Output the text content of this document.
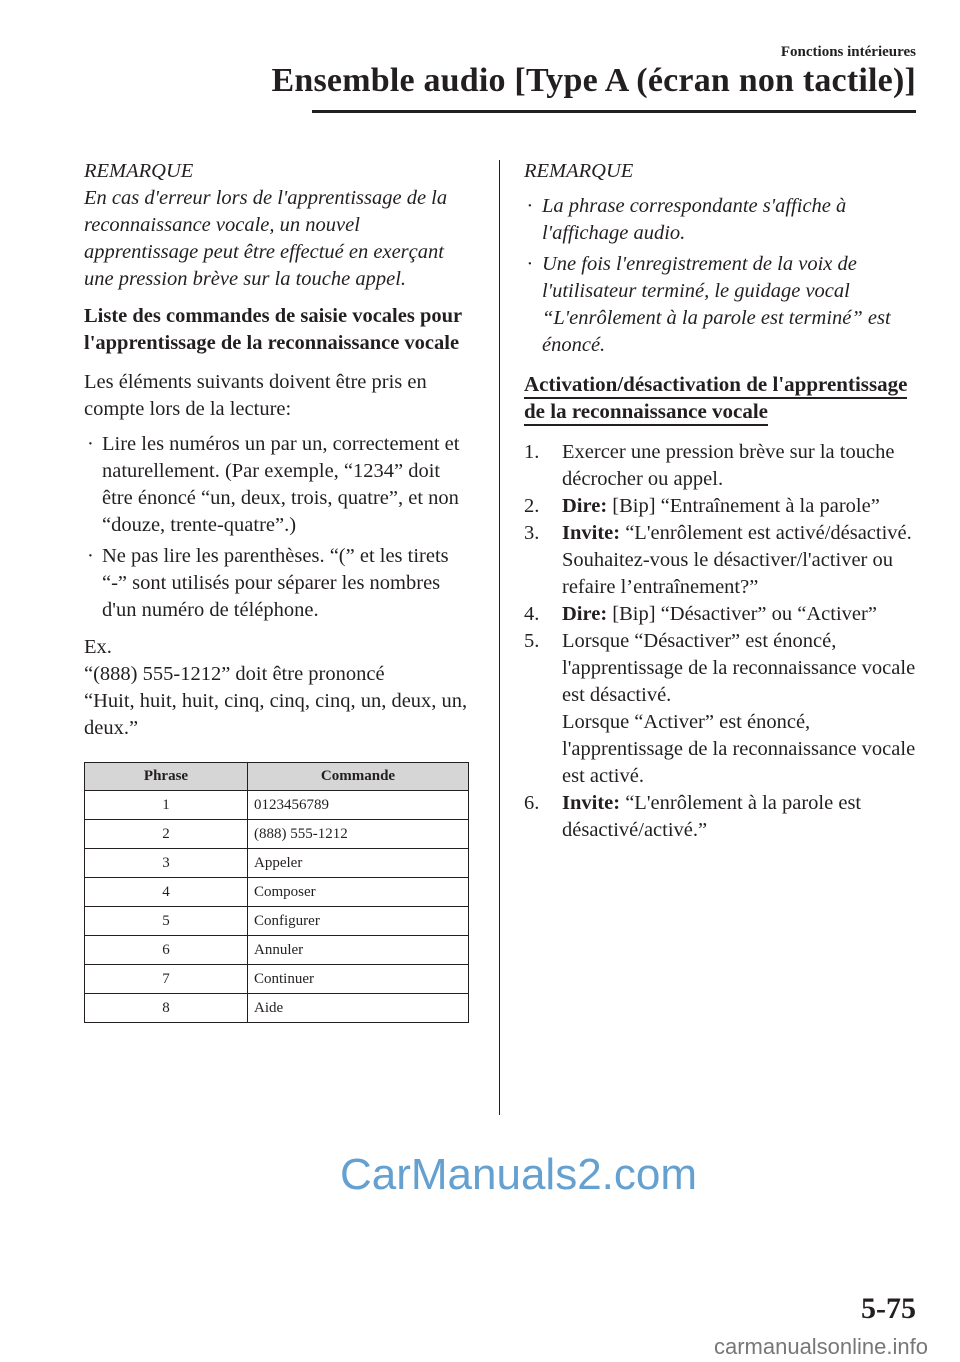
Fonctions intérieures
Ensemble audio [Type A (écran non tactile)]

REMARQUE

En cas d'erreur lors de l'apprentissage de la reconnaissance vocale, un nouvel apprentissage peut être effectué en exerçant une pression brève sur la touche appel.

Liste des commandes de saisie vocales pour l'apprentissage de la reconnaissance vocale

Les éléments suivants doivent être pris en compte lors de la lecture:

· Lire les numéros un par un, correctement et naturellement. (Par exemple, “1234” doit être énoncé “un, deux, trois, quatre”, et non “douze, trente-quatre”.)
· Ne pas lire les parenthèses. “(” et les tirets “-” sont utilisés pour séparer les nombres d'un numéro de téléphone.

Ex.

“(888) 555-1212” doit être prononcé

“Huit, huit, huit, cinq, cinq, cinq, un, deux, un, deux.”

Phrase	Commande
1	0123456789
2	(888) 555-1212
3	Appeler
4	Composer
5	Configurer
6	Annuler
7	Continuer
8	Aide

REMARQUE

· La phrase correspondante s'affiche à l'affichage audio.
· Une fois l'enregistrement de la voix de l'utilisateur terminé, le guidage vocal “L'enrôlement à la parole est terminé” est énoncé.
Activation/désactivation de l'apprentissage de la reconnaissance vocale
1. Exercer une pression brève sur la touche décrocher ou appel.
2. Dire: [Bip] “Entraînement à la parole”
3. Invite: “L'enrôlement est activé/désactivé. Souhaitez-vous le désactiver/l'activer ou refaire l’entraînement?”
4. Dire: [Bip] “Désactiver” ou “Activer”
5. Lorsque “Désactiver” est énoncé, l'apprentissage de la reconnaissance vocale est désactivé.
Lorsque “Activer” est énoncé, l'apprentissage de la reconnaissance vocale est activé.
6. Invite: “L'enrôlement à la parole est désactivé/activé.”
CarManuals2.com
5-75
carmanualsonline.info
